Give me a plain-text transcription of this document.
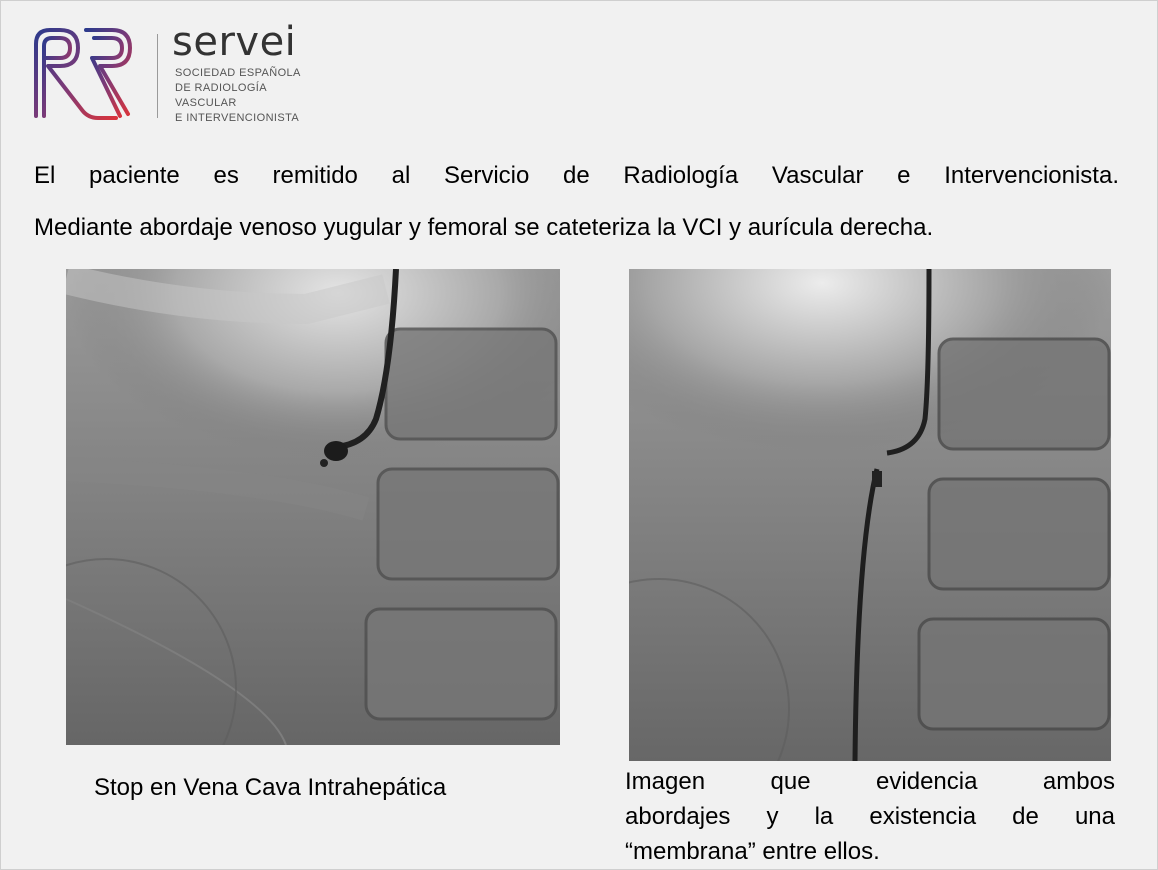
servei
SOCIEDAD ESPAÑOLA
DE RADIOLOGÍA
VASCULAR
E INTERVENCIONISTA
El paciente es remitido al Servicio de Radiología Vascular e Intervencionista.
Mediante abordaje venoso yugular y femoral se cateteriza la VCI y aurícula derecha.
Stop en Vena Cava Intrahepática	Imagen	que	evidencia	ambos
abordajes y la existencia de una
“membrana” entre ellos.
